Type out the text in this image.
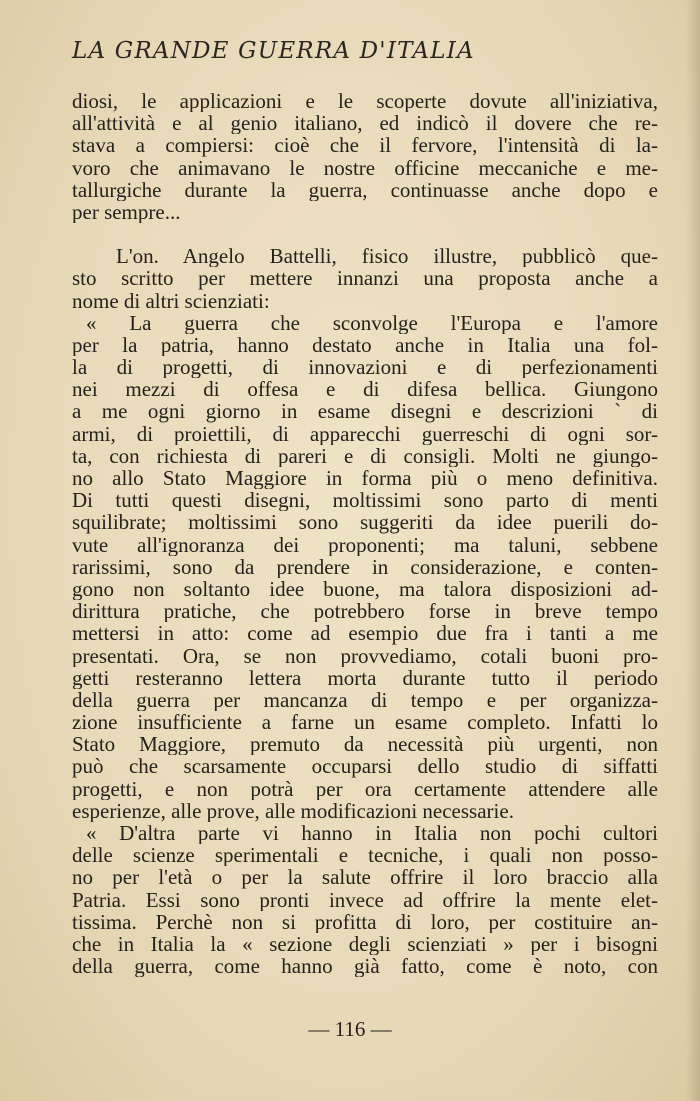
LA GRANDE GUERRA D'ITALIA
diosi, le applicazioni e le scoperte dovute all'iniziativa,
all'attività e al genio italiano, ed indicò il dovere che re-
stava a compiersi: cioè che il fervore, l'intensità di la-
voro che animavano le nostre officine meccaniche e me-
tallurgiche durante la guerra, continuasse anche dopo e
per sempre...
L'on. Angelo Battelli, fisico illustre, pubblicò que-
sto scritto per mettere innanzi una proposta anche a
nome di altri scienziati:
« La guerra che sconvolge l'Europa e l'amore
per la patria, hanno destato anche in Italia una fol-
la di progetti, di innovazioni e di perfezionamenti
nei mezzi di offesa e di difesa bellica. Giungono
a me ogni giorno in esame disegni e descrizioni ` di
armi, di proiettili, di apparecchi guerreschi di ogni sor-
ta, con richiesta di pareri e di consigli. Molti ne giungo-
no allo Stato Maggiore in forma più o meno definitiva.
Di tutti questi disegni, moltissimi sono parto di menti
squilibrate; moltissimi sono suggeriti da idee puerili do-
vute all'ignoranza dei proponenti; ma taluni, sebbene
rarissimi, sono da prendere in considerazione, e conten-
gono non soltanto idee buone, ma talora disposizioni ad-
dirittura pratiche, che potrebbero forse in breve tempo
mettersi in atto: come ad esempio due fra i tanti a me
presentati. Ora, se non provvediamo, cotali buoni pro-
getti resteranno lettera morta durante tutto il periodo
della guerra per mancanza di tempo e per organizza-
zione insufficiente a farne un esame completo. Infatti lo
Stato Maggiore, premuto da necessità più urgenti, non
può che scarsamente occuparsi dello studio di siffatti
progetti, e non potrà per ora certamente attendere alle
esperienze, alle prove, alle modificazioni necessarie.
« D'altra parte vi hanno in Italia non pochi cultori
delle scienze sperimentali e tecniche, i quali non posso-
no per l'età o per la salute offrire il loro braccio alla
Patria. Essi sono pronti invece ad offrire la mente elet-
tissima. Perchè non si profitta di loro, per costituire an-
che in Italia la « sezione degli scienziati » per i bisogni
della guerra, come hanno già fatto, come è noto, con
— 116 —
